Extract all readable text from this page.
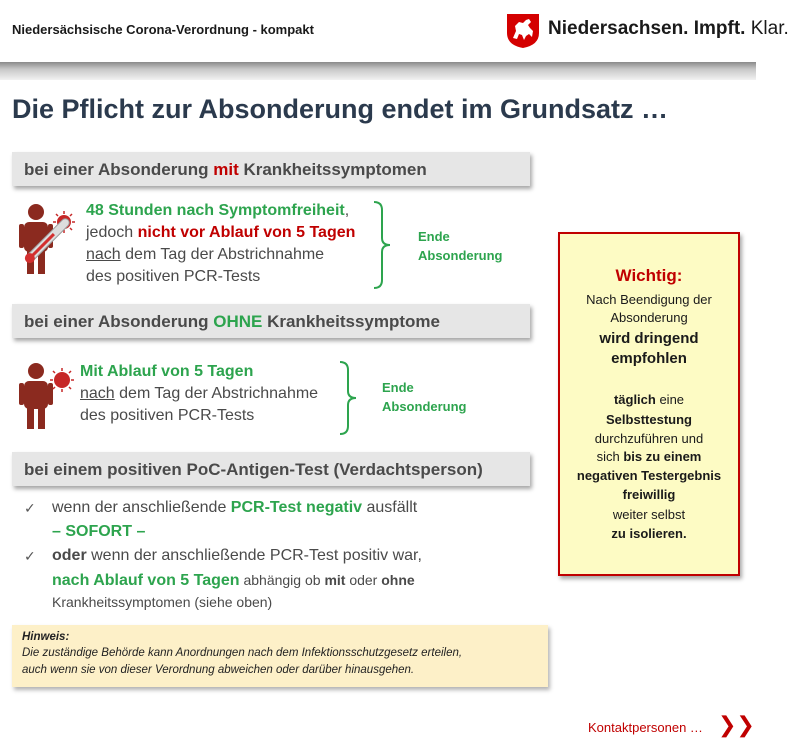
Niedersächsische Corona-Verordnung - kompakt	Niedersachsen. Impft. Klar.
Die Pflicht zur Absonderung endet im Grundsatz …
bei einer Absonderung mit Krankheitssymptomen
48 Stunden nach Symptomfreiheit,
jedoch nicht vor Ablauf von 5 Tagen
nach dem Tag der Abstrichnahme
des positiven PCR-Tests
Ende
Absonderung
bei einer Absonderung OHNE Krankheitssymptome
Mit Ablauf von 5 Tagen
nach dem Tag der Abstrichnahme
des positiven PCR-Tests
Ende
Absonderung
bei einem positiven PoC-Antigen-Test (Verdachtsperson)
✓ wenn der anschließende PCR-Test negativ ausfällt
– SOFORT –
✓ oder wenn der anschließende PCR-Test positiv war,
nach Ablauf von 5 Tagen abhängig ob mit oder ohne
Krankheitssymptomen (siehe oben)
Hinweis:
Die zuständige Behörde kann Anordnungen nach dem Infektionsschutzgesetz erteilen,
auch wenn sie von dieser Verordnung abweichen oder darüber hinausgehen.
Wichtig:
Nach Beendigung der
Absonderung
wird dringend
empfohlen
täglich eine
Selbsttestung
durchzuführen und
sich bis zu einem
negativen Testergebnis
freiwillig
weiter selbst
zu isolieren.
Kontaktpersonen … ❯❯
